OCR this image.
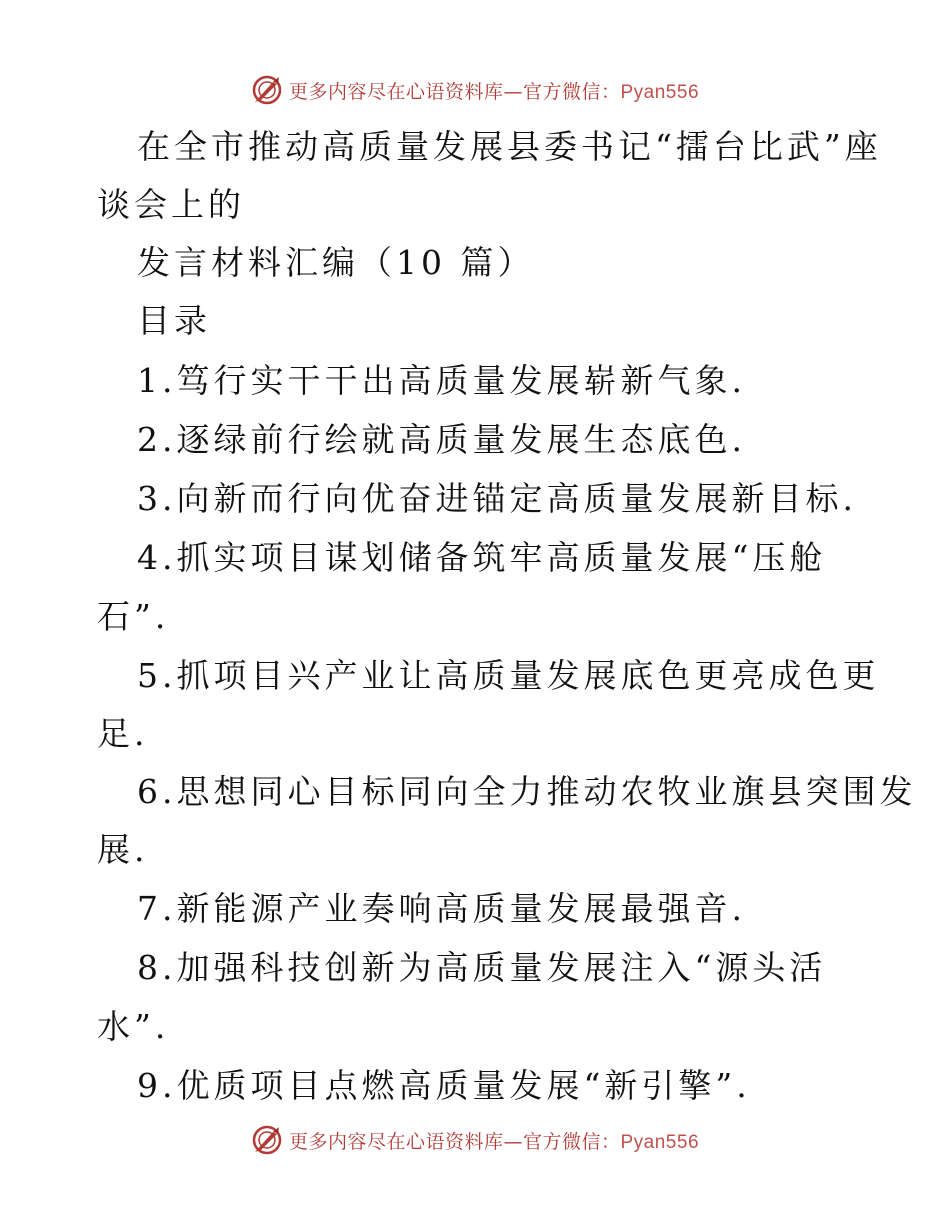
更多内容尽在心语资料库—官方微信：Pyan556
在全市推动高质量发展县委书记“擂台比武”座
谈会上的
发言材料汇编（10 篇）
目录
1.笃行实干干出高质量发展崭新气象.
2.逐绿前行绘就高质量发展生态底色.
3.向新而行向优奋进锚定高质量发展新目标.
4.抓实项目谋划储备筑牢高质量发展“压舱
石”.
5.抓项目兴产业让高质量发展底色更亮成色更
足.
6.思想同心目标同向全力推动农牧业旗县突围发
展.
7.新能源产业奏响高质量发展最强音.
8.加强科技创新为高质量发展注入“源头活
水”.
9.优质项目点燃高质量发展“新引擎”.
更多内容尽在心语资料库—官方微信：Pyan556
